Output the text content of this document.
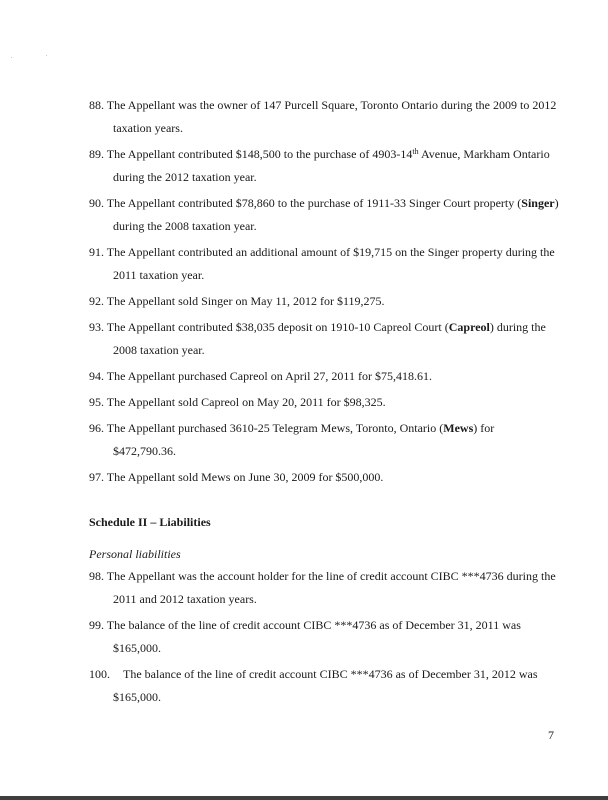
88. The Appellant was the owner of 147 Purcell Square, Toronto Ontario during the 2009 to 2012
taxation years.
89. The Appellant contributed $148,500 to the purchase of 4903-14th Avenue, Markham Ontario
during the 2012 taxation year.
90. The Appellant contributed $78,860 to the purchase of 1911-33 Singer Court property (Singer)
during the 2008 taxation year.
91. The Appellant contributed an additional amount of $19,715 on the Singer property during the
2011 taxation year.
92. The Appellant sold Singer on May 11, 2012 for $119,275.
93. The Appellant contributed $38,035 deposit on 1910-10 Capreol Court (Capreol) during the
2008 taxation year.
94. The Appellant purchased Capreol on April 27, 2011 for $75,418.61.
95. The Appellant sold Capreol on May 20, 2011 for $98,325.
96. The Appellant purchased 3610-25 Telegram Mews, Toronto, Ontario (Mews) for
$472,790.36.
97. The Appellant sold Mews on June 30, 2009 for $500,000.
Schedule II – Liabilities
Personal liabilities
98. The Appellant was the account holder for the line of credit account CIBC ***4736 during the
2011 and 2012 taxation years.
99. The balance of the line of credit account CIBC ***4736 as of December 31, 2011 was
$165,000.
100. The balance of the line of credit account CIBC ***4736 as of December 31, 2012 was
$165,000.
7
